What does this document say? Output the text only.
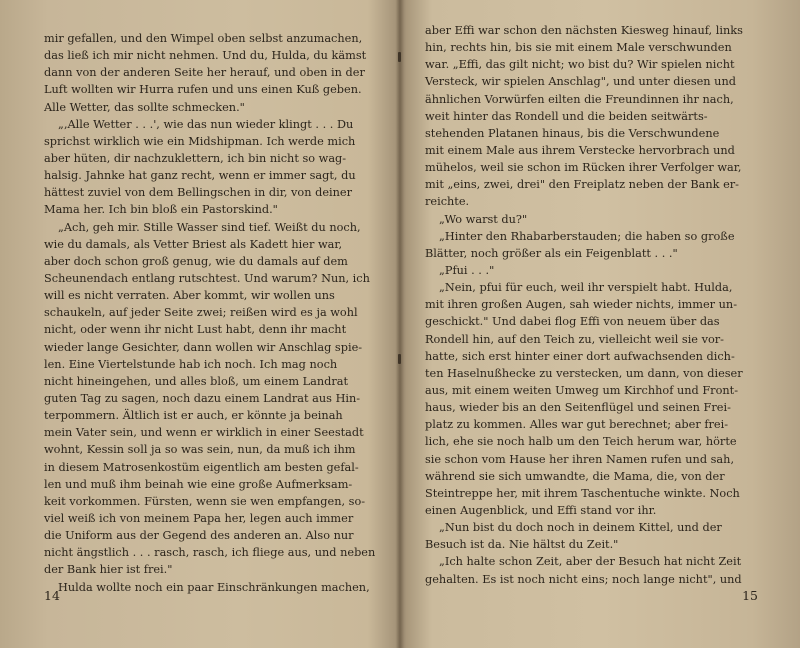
mir gefallen, und den Wimpel oben selbst anzumachen,
das ließ ich mir nicht nehmen. Und du, Hulda, du kämst
dann von der anderen Seite her herauf, und oben in der
Luft wollten wir Hurra rufen und uns einen Kuß geben.
Alle Wetter, das sollte schmecken."
„‚Alle Wetter . . .', wie das nun wieder klingt . . . Du
sprichst wirklich wie ein Midshipman. Ich werde mich
aber hüten, dir nachzuklettern, ich bin nicht so wag-
halsig. Jahnke hat ganz recht, wenn er immer sagt, du
hättest zuviel von dem Bellingschen in dir, von deiner
Mama her. Ich bin bloß ein Pastorskind."
„Ach, geh mir. Stille Wasser sind tief. Weißt du noch,
wie du damals, als Vetter Briest als Kadett hier war,
aber doch schon groß genug, wie du damals auf dem
Scheunendach entlang rutschtest. Und warum? Nun, ich
will es nicht verraten. Aber kommt, wir wollen uns
schaukeln, auf jeder Seite zwei; reißen wird es ja wohl
nicht, oder wenn ihr nicht Lust habt, denn ihr macht
wieder lange Gesichter, dann wollen wir Anschlag spie-
len. Eine Viertelstunde hab ich noch. Ich mag noch
nicht hineingehen, und alles bloß, um einem Landrat
guten Tag zu sagen, noch dazu einem Landrat aus Hin-
terpommern. Ältlich ist er auch, er könnte ja beinah
mein Vater sein, und wenn er wirklich in einer Seestadt
wohnt, Kessin soll ja so was sein, nun, da muß ich ihm
in diesem Matrosenkostüm eigentlich am besten gefal-
len und muß ihm beinah wie eine große Aufmerksam-
keit vorkommen. Fürsten, wenn sie wen empfangen, so-
viel weiß ich von meinem Papa her, legen auch immer
die Uniform aus der Gegend des anderen an. Also nur
nicht ängstlich . . . rasch, rasch, ich fliege aus, und neben
der Bank hier ist frei."
Hulda wollte noch ein paar Einschränkungen machen,
14	15
aber Effi war schon den nächsten Kiesweg hinauf, links
hin, rechts hin, bis sie mit einem Male verschwunden
war. „Effi, das gilt nicht; wo bist du? Wir spielen nicht
Versteck, wir spielen Anschlag", und unter diesen und
ähnlichen Vorwürfen eilten die Freundinnen ihr nach,
weit hinter das Rondell und die beiden seitwärts-
stehenden Platanen hinaus, bis die Verschwundene
mit einem Male aus ihrem Verstecke hervorbrach und
mühelos, weil sie schon im Rücken ihrer Verfolger war,
mit „eins, zwei, drei" den Freiplatz neben der Bank er-
reichte.
„Wo warst du?"
„Hinter den Rhabarberstauden; die haben so große
Blätter, noch größer als ein Feigenblatt . . ."
„Pfui . . ."
„Nein, pfui für euch, weil ihr verspielt habt. Hulda,
mit ihren großen Augen, sah wieder nichts, immer un-
geschickt." Und dabei flog Effi von neuem über das
Rondell hin, auf den Teich zu, vielleicht weil sie vor-
hatte, sich erst hinter einer dort aufwachsenden dich-
ten Haselnußhecke zu verstecken, um dann, von dieser
aus, mit einem weiten Umweg um Kirchhof und Front-
haus, wieder bis an den Seitenflügel und seinen Frei-
platz zu kommen. Alles war gut berechnet; aber frei-
lich, ehe sie noch halb um den Teich herum war, hörte
sie schon vom Hause her ihren Namen rufen und sah,
während sie sich umwandte, die Mama, die, von der
Steintreppe her, mit ihrem Taschentuche winkte. Noch
einen Augenblick, und Effi stand vor ihr.
„Nun bist du doch noch in deinem Kittel, und der
Besuch ist da. Nie hältst du Zeit."
„Ich halte schon Zeit, aber der Besuch hat nicht Zeit
gehalten. Es ist noch nicht eins; noch lange nicht", und
